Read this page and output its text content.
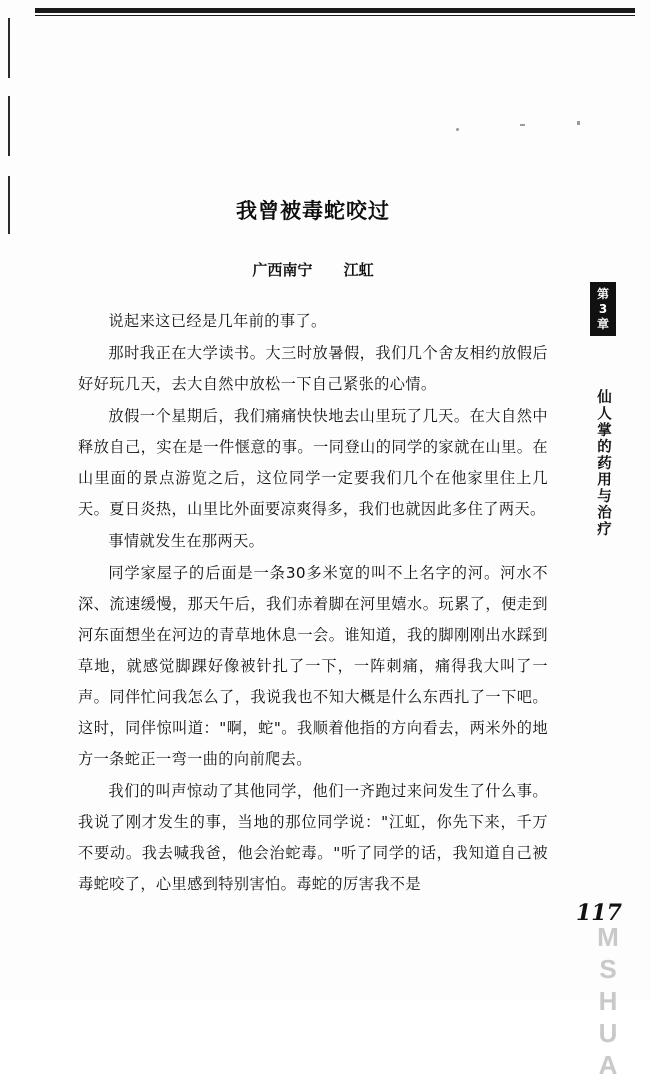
我曾被毒蛇咬过
广西南宁 江虹

说起来这已经是几年前的事了。

那时我正在大学读书。大三时放暑假，我们几个舍友相约放假后好好玩几天，去大自然中放松一下自己紧张的心情。

放假一个星期后，我们痛痛快快地去山里玩了几天。在大自然中释放自己，实在是一件惬意的事。一同登山的同学的家就在山里。在山里面的景点游览之后，这位同学一定要我们几个在他家里住上几天。夏日炎热，山里比外面要凉爽得多，我们也就因此多住了两天。

事情就发生在那两天。

同学家屋子的后面是一条30多米宽的叫不上名字的河。河水不深、流速缓慢，那天午后，我们赤着脚在河里嬉水。玩累了，便走到河东面想坐在河边的青草地休息一会。谁知道，我的脚刚刚出水踩到草地，就感觉脚踝好像被针扎了一下，一阵刺痛，痛得我大叫了一声。同伴忙问我怎么了，我说我也不知大概是什么东西扎了一下吧。这时，同伴惊叫道："啊，蛇"。我顺着他指的方向看去，两米外的地方一条蛇正一弯一曲的向前爬去。

我们的叫声惊动了其他同学，他们一齐跑过来问发生了什么事。我说了刚才发生的事，当地的那位同学说："江虹，你先下来，千万不要动。我去喊我爸，他会治蛇毒。"听了同学的话，我知道自己被毒蛇咬了，心里感到特别害怕。毒蛇的厉害我不是

第
3
章
仙人掌的药用与治疗
117
MSHUA
